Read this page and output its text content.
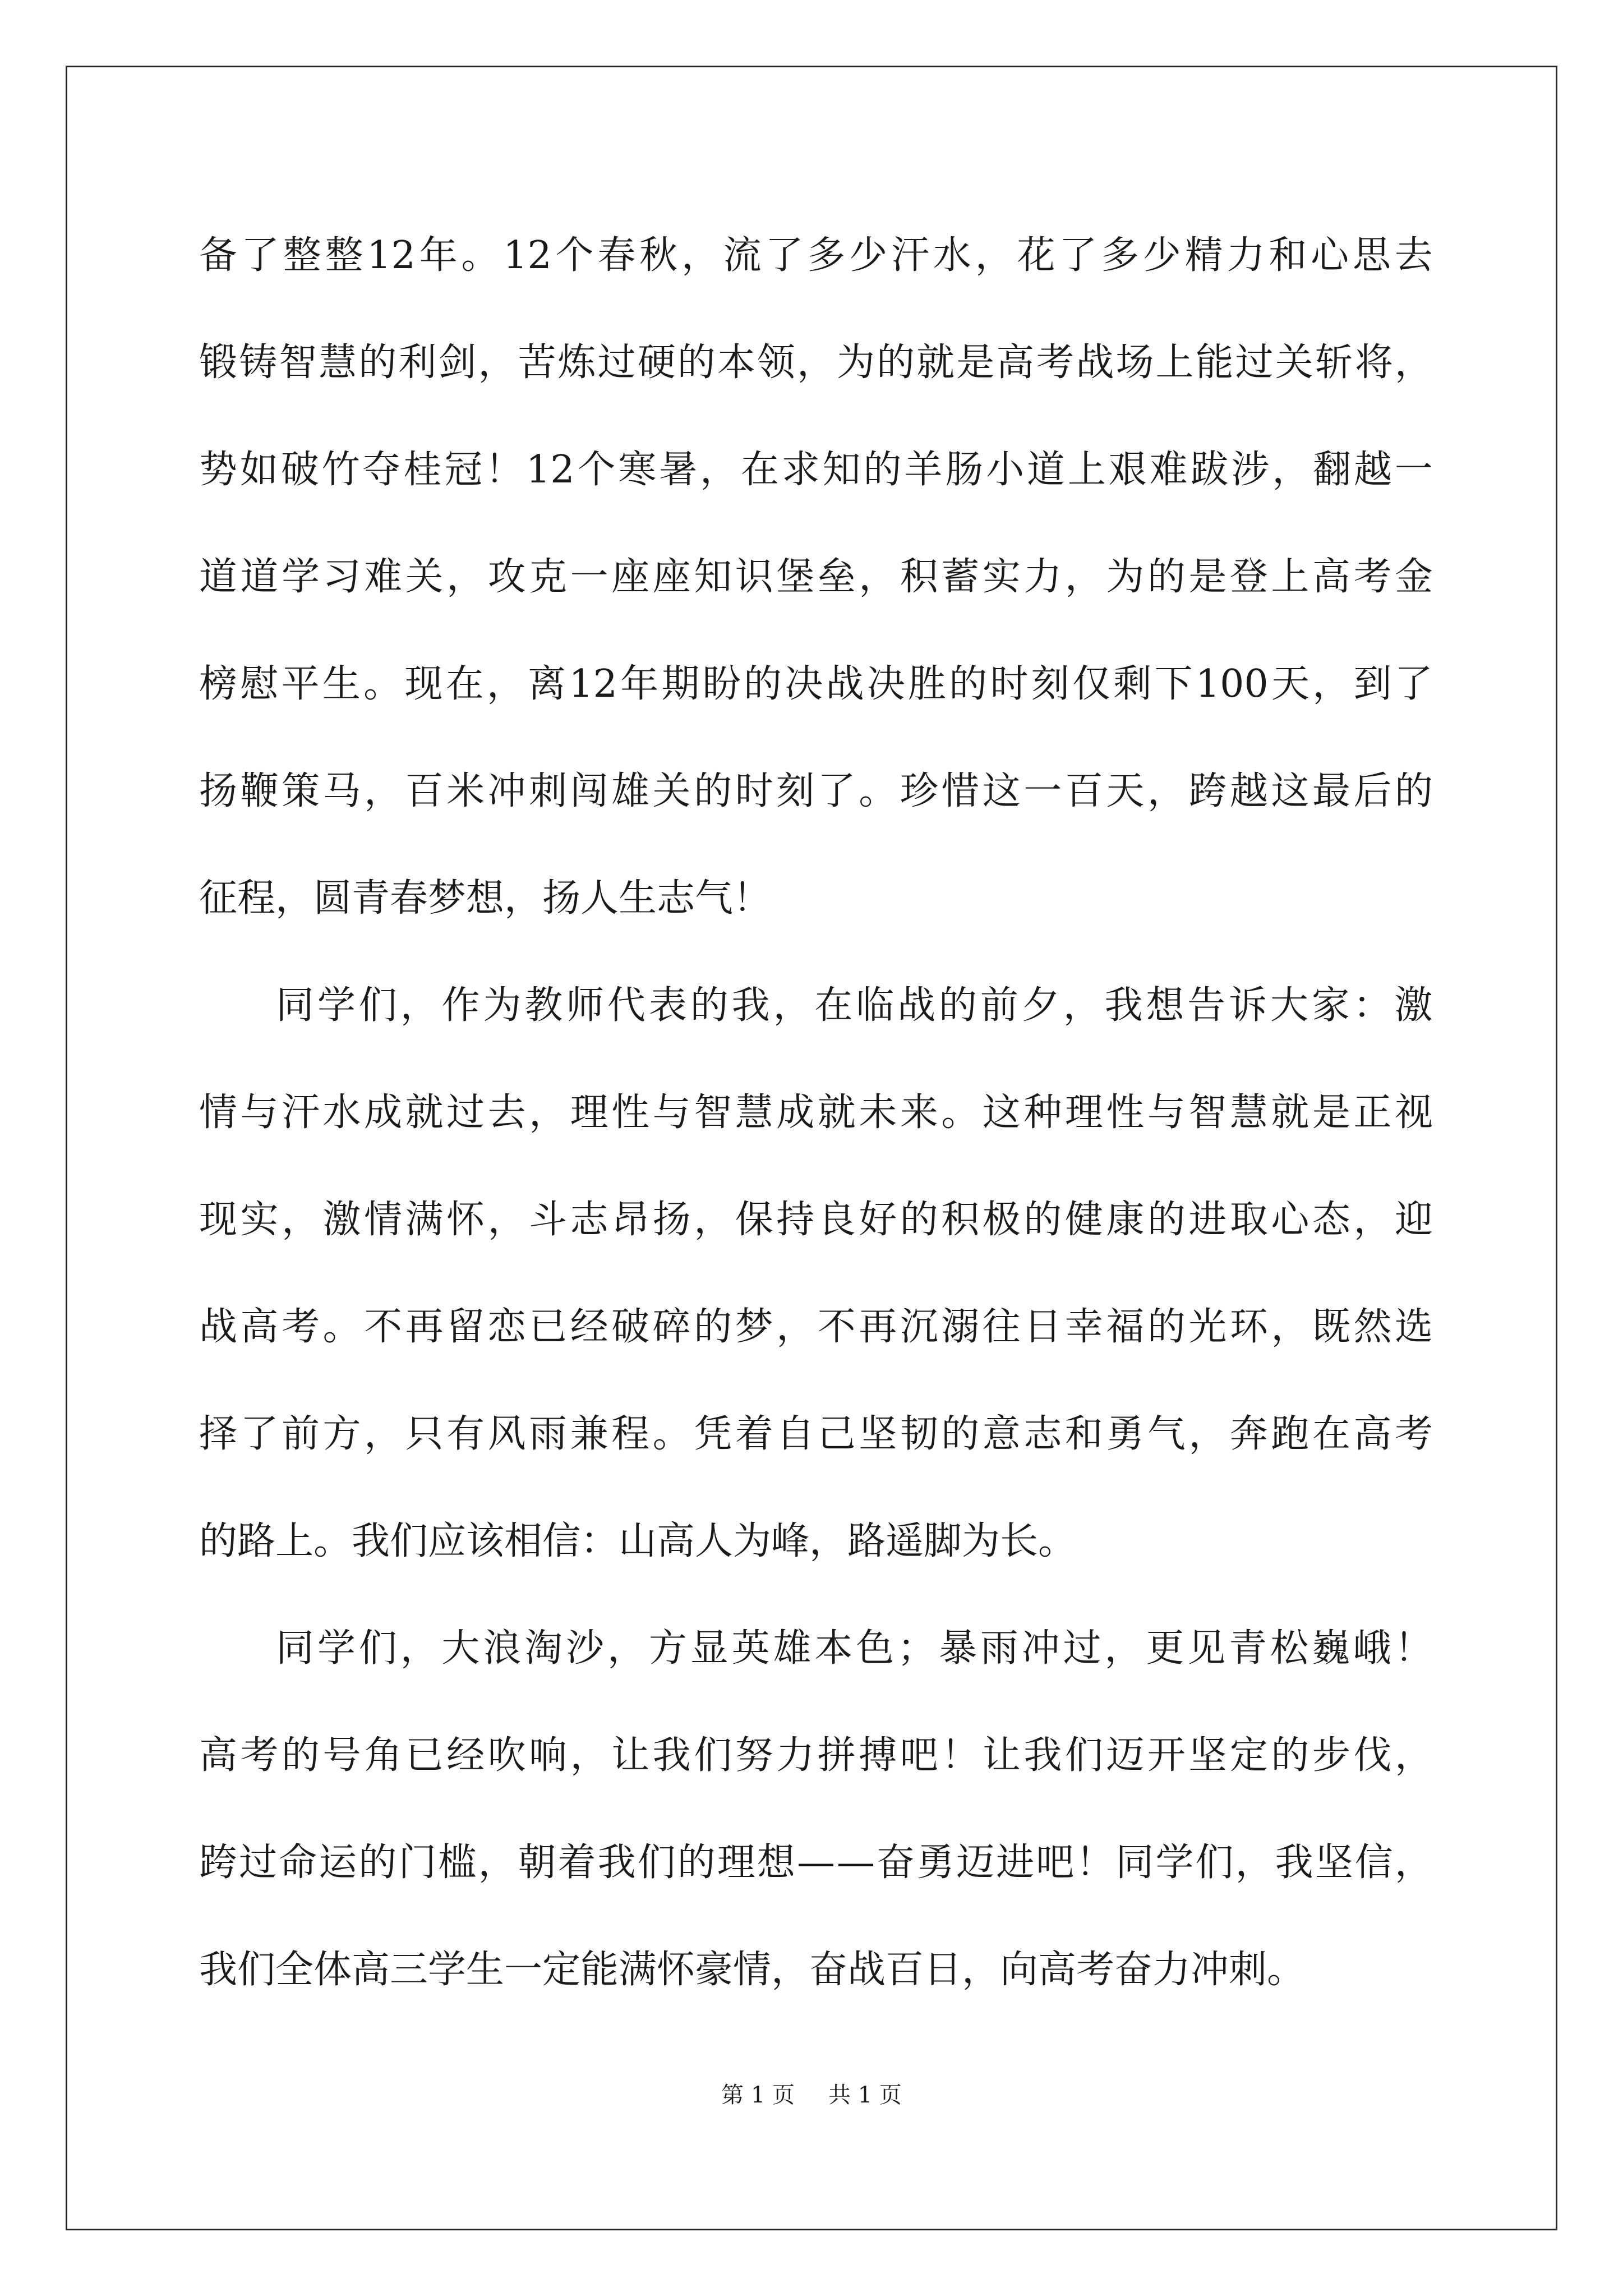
备 了 整 整 12 年 。 12 个 春 秋 ， 流 了 多 少 汗 水 ， 花 了 多 少 精 力 和 心 思 去
锻 铸 智 慧 的 利 剑 ， 苦 炼 过 硬 的 本 领 ， 为 的 就 是 高 考 战 场 上 能 过 关 斩 将 ，
势 如 破 竹 夺 桂 冠 ！ 12 个 寒 暑 ， 在 求 知 的 羊 肠 小 道 上 艰 难 跋 涉 ， 翻 越 一
道 道 学 习 难 关 ， 攻 克 一 座 座 知 识 堡 垒 ， 积 蓄 实 力 ， 为 的 是 登 上 高 考 金
榜 慰 平 生 。 现 在 ， 离 12 年 期 盼 的 决 战 决 胜 的 时 刻 仅 剩 下 100 天 ， 到 了
扬 鞭 策 马 ， 百 米 冲 刺 闯 雄 关 的 时 刻 了 。 珍 惜 这 一 百 天 ， 跨 越 这 最 后 的
征程，圆青春梦想，扬人生志气！
同 学 们 ， 作 为 教 师 代 表 的 我 ， 在 临 战 的 前 夕 ， 我 想 告 诉 大 家 ： 激
情 与 汗 水 成 就 过 去 ， 理 性 与 智 慧 成 就 未 来 。 这 种 理 性 与 智 慧 就 是 正 视
现 实 ， 激 情 满 怀 ， 斗 志 昂 扬 ， 保 持 良 好 的 积 极 的 健 康 的 进 取 心 态 ， 迎
战 高 考 。 不 再 留 恋 已 经 破 碎 的 梦 ， 不 再 沉 溺 往 日 幸 福 的 光 环 ， 既 然 选
择 了 前 方 ， 只 有 风 雨 兼 程 。 凭 着 自 己 坚 韧 的 意 志 和 勇 气 ， 奔 跑 在 高 考
的路上。我们应该相信：山高人为峰，路遥脚为长。
同 学 们 ， 大 浪 淘 沙 ， 方 显 英 雄 本 色 ； 暴 雨 冲 过 ， 更 见 青 松 巍 峨 ！
高 考 的 号 角 已 经 吹 响 ， 让 我 们 努 力 拼 搏 吧 ！ 让 我 们 迈 开 坚 定 的 步 伐 ，
跨 过 命 运 的 门 槛 ， 朝 着 我 们 的 理 想 — — 奋 勇 迈 进 吧 ！ 同 学 们 ， 我 坚 信 ，
我们全体高三学生一定能满怀豪情，奋战百日，向高考奋力冲刺。
第 1 页 共 1 页
